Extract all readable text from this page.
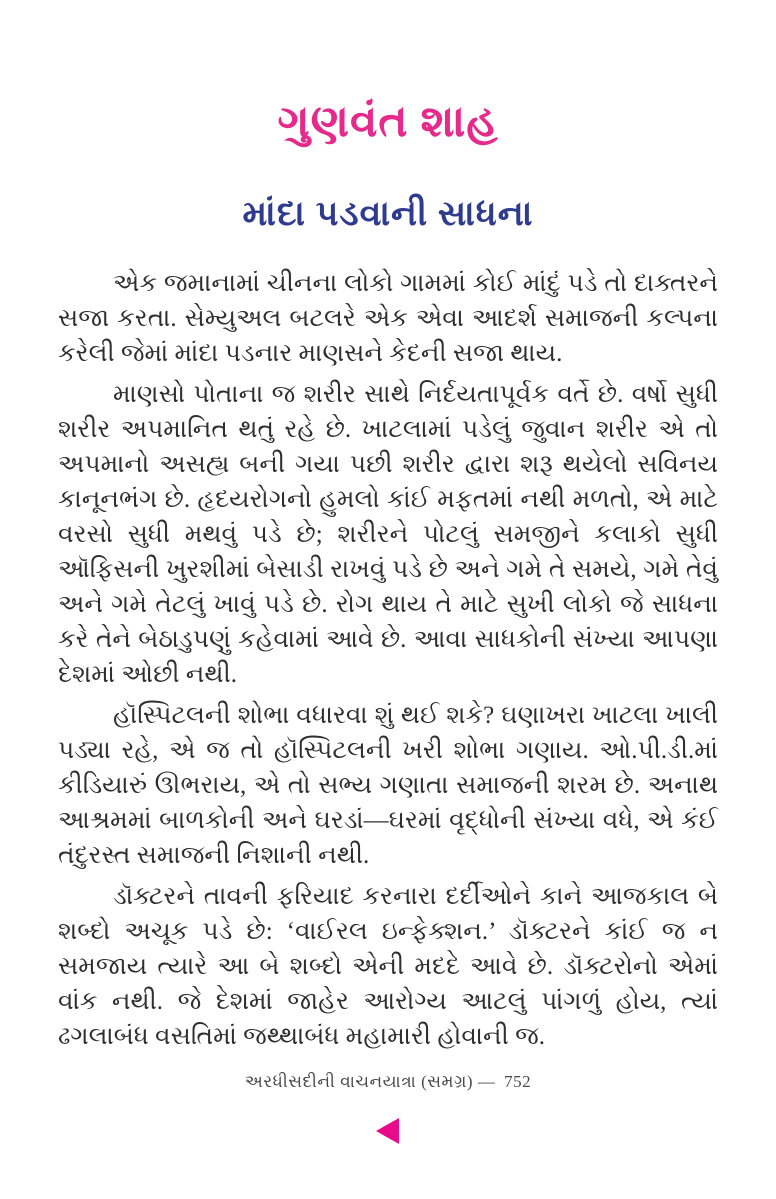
ગુણવંત શાહ
માંદા પડવાની સાધના

એક જમાનામાં ચીનના લોકો ગામમાં કોઈ માંદું પડે તો દાક્તરને સજા કરતા. સેમ્યુઅલ બટલરે એક એવા આદર્શ સમાજની કલ્પના કરેલી જેમાં માંદા પડનાર માણસને કેદની સજા થાય.

માણસો પોતાના જ શરીર સાથે નિર્દયતાપૂર્વક વર્તે છે. વર્ષો સુધી શરીર અપમાનિત થતું રહે છે. ખાટલામાં પડેલું જુવાન શરીર એ તો અપમાનો અસહ્ય બની ગયા પછી શરીર દ્વારા શરૂ થયેલો સવિનય કાનૂનભંગ છે. હૃદયરોગનો હુમલો કાંઈ મફતમાં નથી મળતો, એ માટે વરસો સુધી મથવું પડે છે; શરીરને પોટલું સમજીને કલાકો સુધી ઑફિસની ખુરશીમાં બેસાડી રાખવું પડે છે અને ગમે તે સમયે, ગમે તેવું અને ગમે તેટલું ખાવું પડે છે. રોગ થાય તે માટે સુખી લોકો જે સાધના કરે તેને બેઠાડુપણું કહેવામાં આવે છે. આવા સાધકોની સંખ્યા આપણા દેશમાં ઓછી નથી.

હૉસ્પિટલની શોભા વધારવા શું થઈ શકે? ઘણાખરા ખાટલા ખાલી પડ્યા રહે, એ જ તો હૉસ્પિટલની ખરી શોભા ગણાય. ઓ.પી.ડી.માં કીડિયારું ઊભરાય, એ તો સભ્ય ગણાતા સમાજની શરમ છે. અનાથ આશ્રમમાં બાળકોની અને ઘરડાં—ઘરમાં વૃદ્ધોની સંખ્યા વધે, એ કંઈ તંદુરસ્ત સમાજની નિશાની નથી.

ડૉક્ટરને તાવની ફરિયાદ કરનારા દર્દીઓને કાને આજકાલ બે શબ્દો અચૂક પડે છે: ‘વાઈરલ ઇન્ફેક્શન.’ ડૉક્ટરને કાંઈ જ ન સમજાય ત્યારે આ બે શબ્દો એની મદદે આવે છે. ડૉક્ટરોનો એમાં વાંક નથી. જે દેશમાં જાહેર આરોગ્ય આટલું પાંગળું હોય, ત્યાં ઢગલાબંધ વસતિમાં જથ્થાબંધ મહામારી હોવાની જ.

અરધીસદીની વાચનયાત્રા (સમગ્ર) — 752
